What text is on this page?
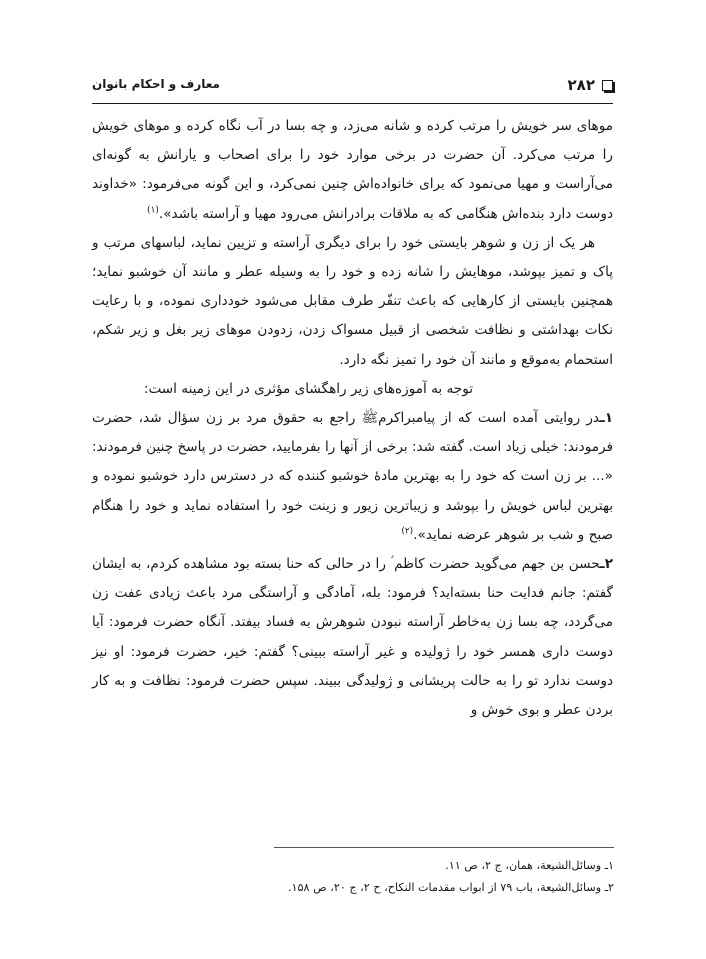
۲۸۲
معارف و احکام بانوان

موهای سر خویش را مرتب کرده و شانه می‌زد، و چه بسا در آب نگاه کرده و موهای خویش را مرتب می‌کرد. آن حضرت در برخی موارد خود را برای اصحاب و یارانش به گونه‌ای می‌آراست و مهیا می‌نمود که برای خانواده‌اش چنین نمی‌کرد، و این گونه می‌فرمود: «خداوند دوست دارد بنده‌اش هنگامی که به ملاقات برادرانش می‌رود مهیا و آراسته باشد».$^{(۱)}$

هر یک از زن و شوهر بایستی خود را برای دیگری آراسته و تزیین نماید، لباسهای مرتب و پاک و تمیز بپوشد، موهایش را شانه زده و خود را به وسیله عطر و مانند آن خوشبو نماید؛ همچنین بایستی از کارهایی که باعث تنفّر طرف مقابل می‌شود خودداری نموده، و با رعایت نکات بهداشتی و نظافت شخصی از قبیل مسواک زدن، زدودن موهای زیر بغل و زیر شکم، استحمام به‌موقع و مانند آن خود را تمیز نگه دارد.

توجه به آموزه‌های زیر راهگشای مؤثری در این زمینه است:

۱ـدر روایتی آمده است که از پیامبراکرمﷺ راجع به حقوق مرد بر زن سؤال شد، حضرت فرمودند: خیلی زیاد است. گفته شد: برخی از آنها را بفرمایید، حضرت در پاسخ چنین فرمودند: «... بر زن است که خود را به بهترین مادهٔ خوشبو کننده که در دسترس دارد خوشبو نموده و بهترین لباس خویش را بپوشد و زیباترین زیور و زینت خود را استفاده نماید و خود را هنگام صبح و شب بر شوهر عرضه نماید».$^{(۲)}$

۲ـحسن بن جهم می‌گوید حضرت کاظم ؑ را در حالی که حنا بسته بود مشاهده کردم، به ایشان گفتم: جانم فدایت حنا بسته‌اید؟ فرمود: بله، آمادگی و آراستگی مرد باعث زیادی عفت زن می‌گردد، چه بسا زن به‌خاطر آراسته نبودن شوهرش به فساد بیفتد. آنگاه حضرت فرمود: آیا دوست داری همسر خود را ژولیده و غیر آراسته ببینی؟ گفتم: خیر، حضرت فرمود: او نیز دوست ندارد تو را به حالت پریشانی و ژولیدگی ببیند. سپس حضرت فرمود: نظافت و به کار بردن عطر و بوی خوش و

۱ـ وسائل‌الشیعة، همان، ج ۲، ص ۱۱.
۲ـ وسائل‌الشیعة، باب ۷۹ از ابواب مقدمات النکاح، ح ۲، ج ۲۰، ص ۱۵۸.
